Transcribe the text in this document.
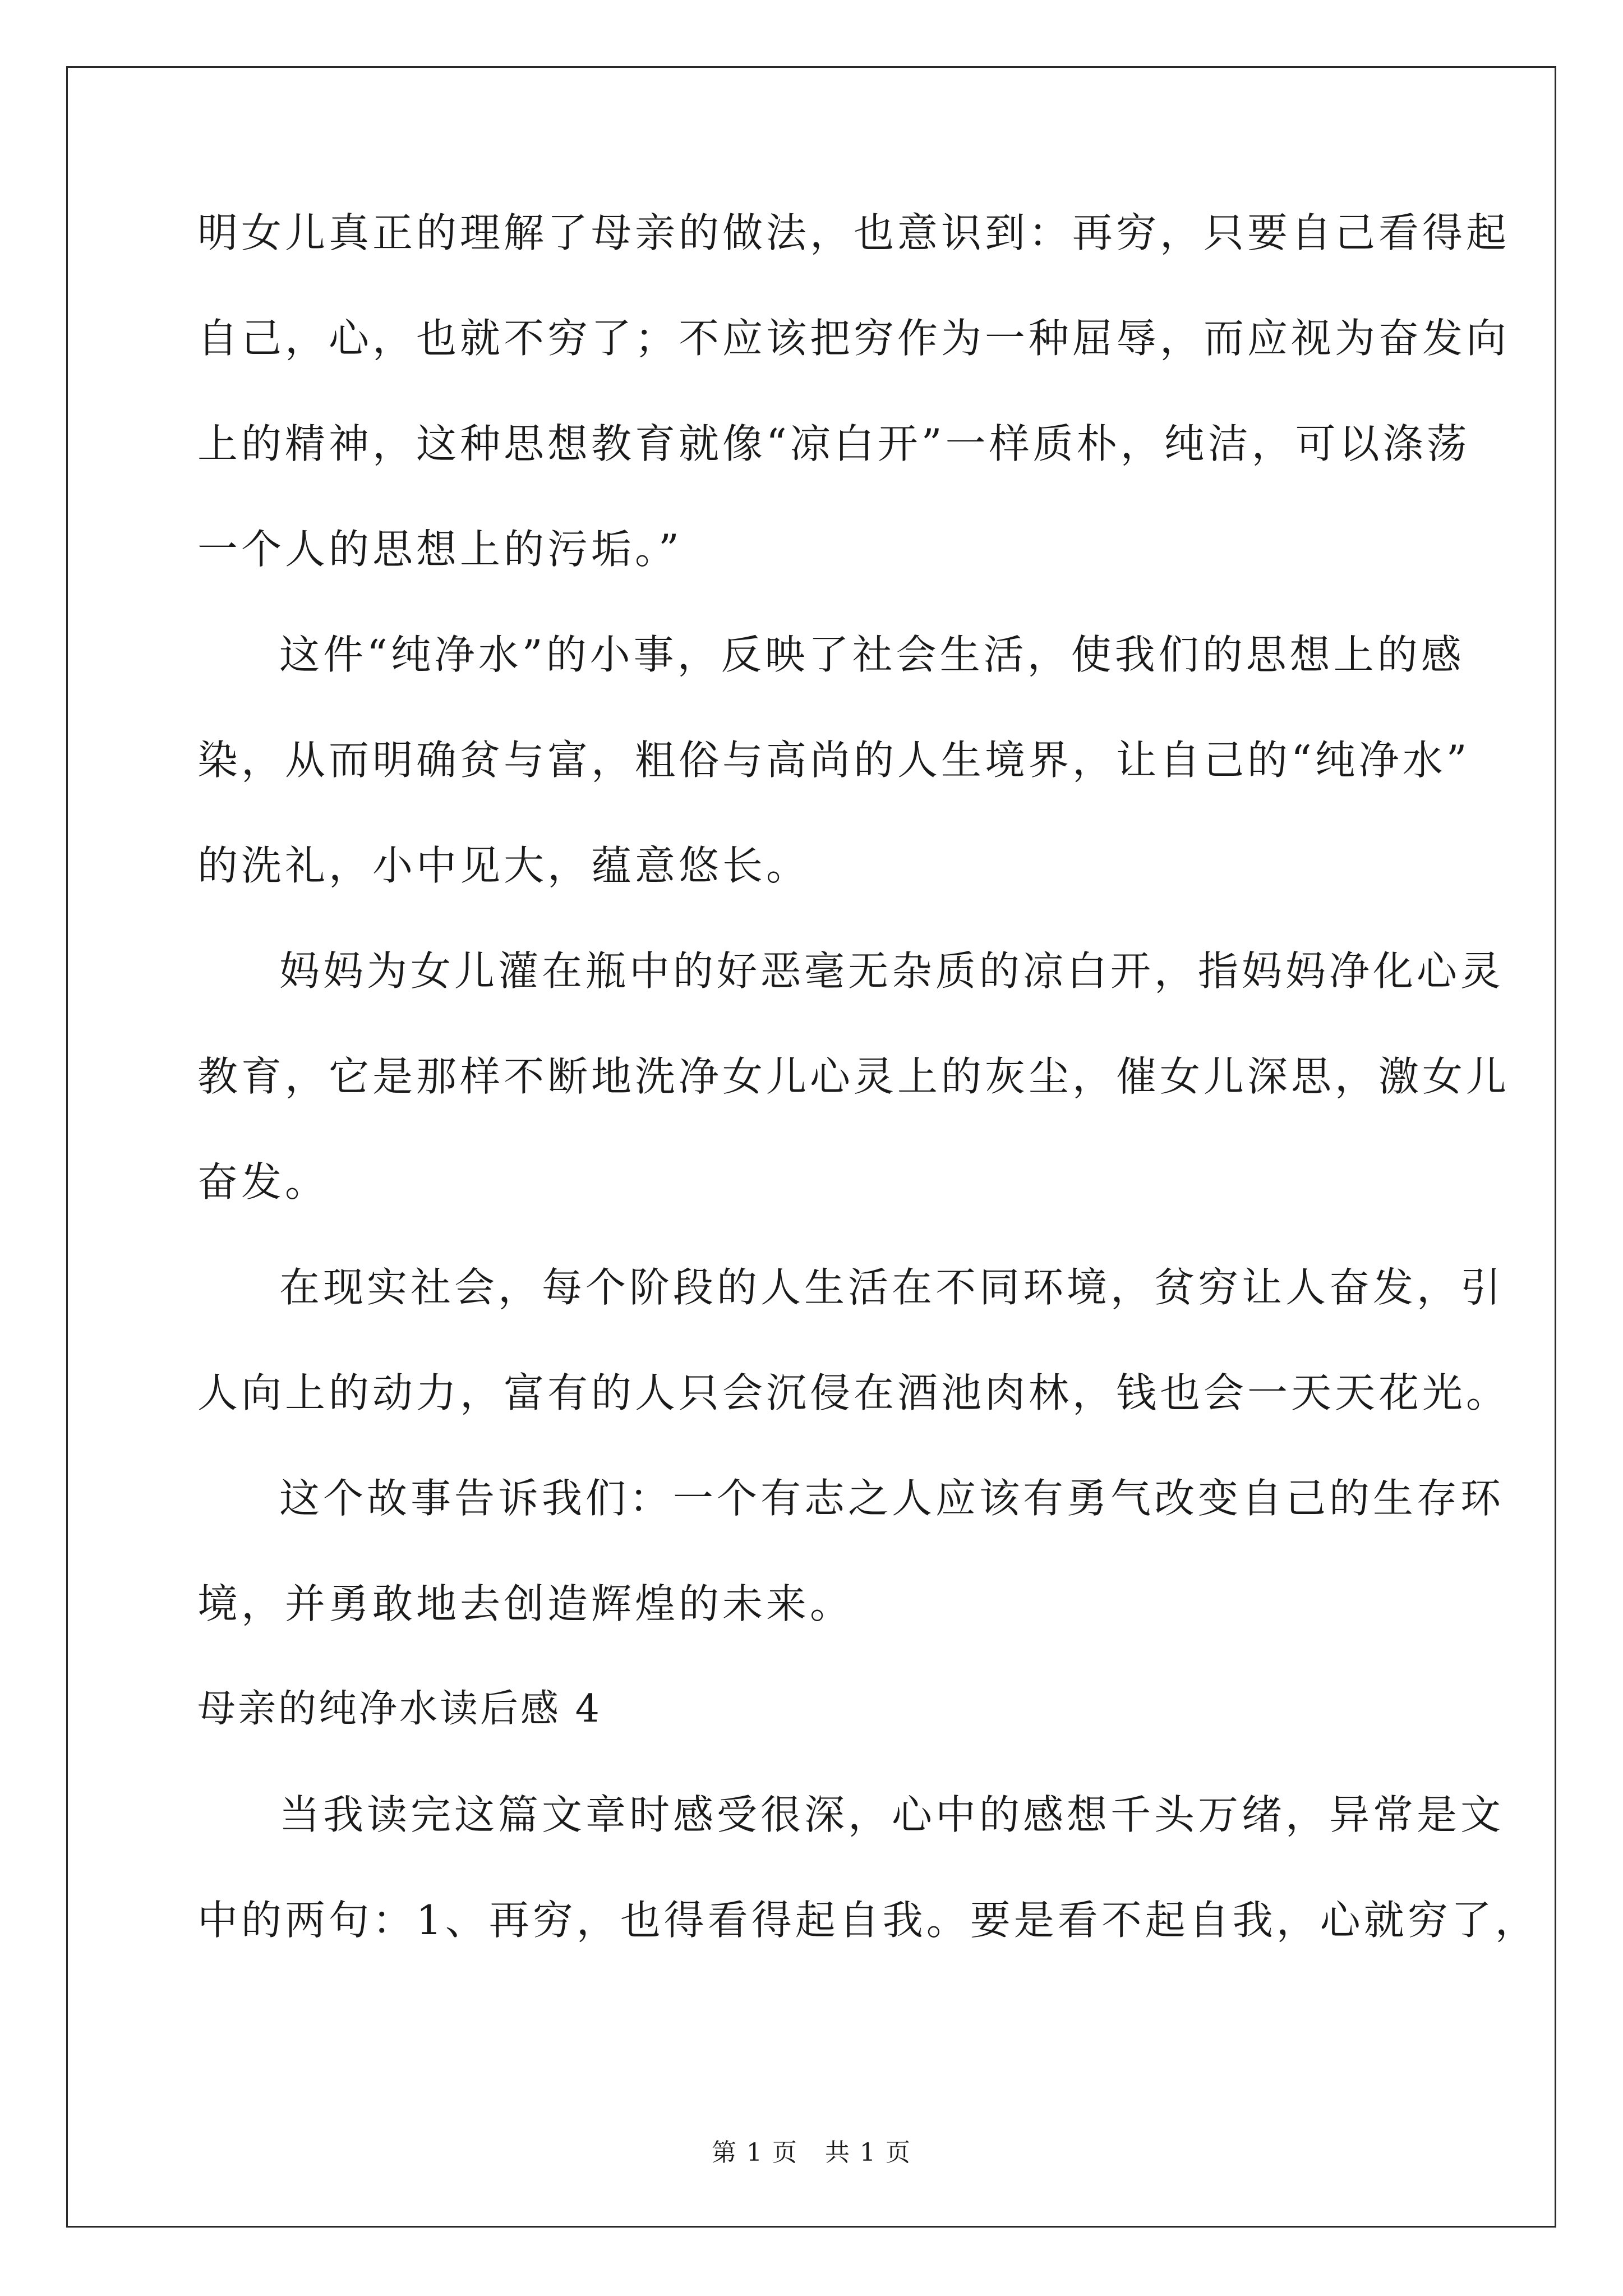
明女儿真正的理解了母亲的做法，也意识到：再穷，只要自己看得起
自己，心，也就不穷了；不应该把穷作为一种屈辱，而应视为奋发向
上的精神，这种思想教育就像“凉白开”一样质朴，纯洁，可以涤荡
一个人的思想上的污垢。”
这件“纯净水”的小事，反映了社会生活，使我们的思想上的感
染，从而明确贫与富，粗俗与高尚的人生境界，让自己的“纯净水”
的洗礼，小中见大，蕴意悠长。
妈妈为女儿灌在瓶中的好恶毫无杂质的凉白开，指妈妈净化心灵
教育，它是那样不断地洗净女儿心灵上的灰尘，催女儿深思，激女儿
奋发。
在现实社会，每个阶段的人生活在不同环境，贫穷让人奋发，引
人向上的动力，富有的人只会沉侵在酒池肉林，钱也会一天天花光。
这个故事告诉我们：一个有志之人应该有勇气改变自己的生存环
境，并勇敢地去创造辉煌的未来。
母亲的纯净水读后感 4
当我读完这篇文章时感受很深，心中的感想千头万绪，异常是文
中的两句：1、再穷，也得看得起自我。要是看不起自我，心就穷了，
第 1 页   共 1 页
